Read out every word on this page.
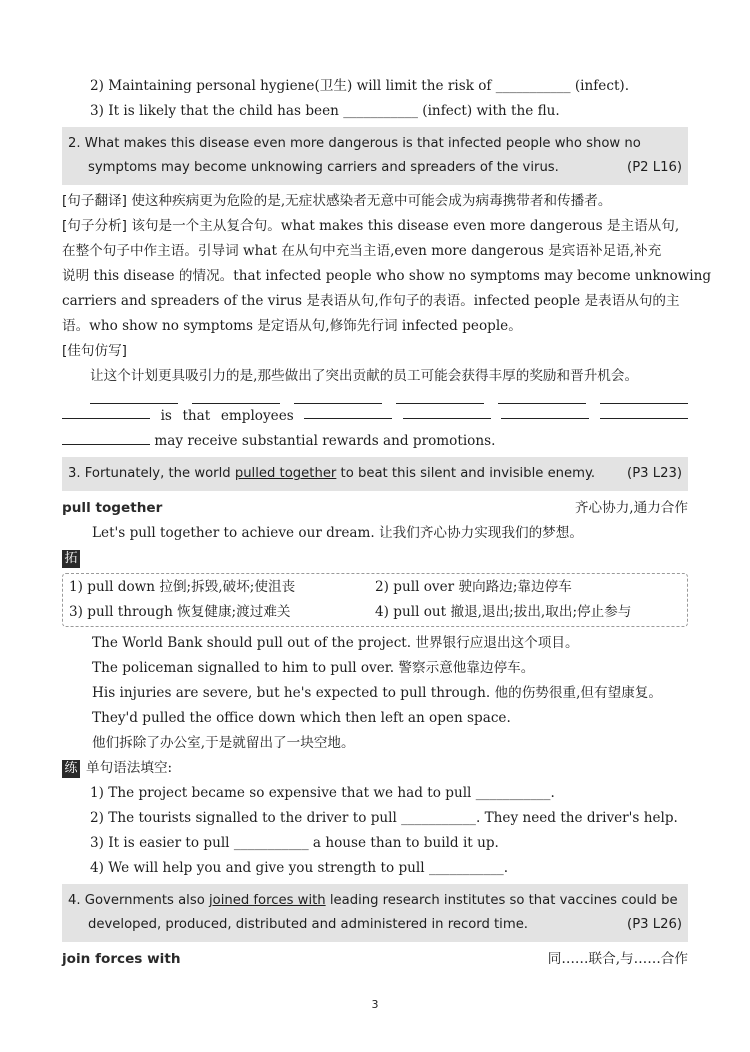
2) Maintaining personal hygiene(卫生) will limit the risk of ___________ (infect).
3) It is likely that the child has been ___________ (infect) with the flu.
2. What makes this disease even more dangerous is that infected people who show no
symptoms may become unknowing carriers and spreaders of the virus.	(P2 L16)
[句子翻译] 使这种疾病更为危险的是,无症状感染者无意中可能会成为病毒携带者和传播者。
[句子分析] 该句是一个主从复合句。what makes this disease even more dangerous 是主语从句,
在整个句子中作主语。引导词 what 在从句中充当主语,even more dangerous 是宾语补足语,补充
说明 this disease 的情况。that infected people who show no symptoms may become unknowing
carriers and spreaders of the virus 是表语从句,作句子的表语。infected people 是表语从句的主
语。who show no symptoms 是定语从句,修饰先行词 infected people。
[佳句仿写]
让这个计划更具吸引力的是,那些做出了突出贡献的员工可能会获得丰厚的奖励和晋升机会。
is that employees
may receive substantial rewards and promotions.
3. Fortunately, the world pulled together to beat this silent and invisible enemy. (P3 L23)
pull together	齐心协力,通力合作
Let's pull together to achieve our dream. 让我们齐心协力实现我们的梦想。
拓
1) pull down 拉倒;拆毁,破坏;使沮丧	2) pull over 驶向路边;靠边停车
3) pull through 恢复健康;渡过难关	4) pull out 撤退,退出;拔出,取出;停止参与
The World Bank should pull out of the project. 世界银行应退出这个项目。
The policeman signalled to him to pull over. 警察示意他靠边停车。
His injuries are severe, but he's expected to pull through. 他的伤势很重,但有望康复。
They'd pulled the office down which then left an open space.
他们拆除了办公室,于是就留出了一块空地。
练 单句语法填空:
1) The project became so expensive that we had to pull ___________.
2) The tourists signalled to the driver to pull ___________. They need the driver's help.
3) It is easier to pull ___________ a house than to build it up.
4) We will help you and give you strength to pull ___________.
4. Governments also joined forces with leading research institutes so that vaccines could be
developed, produced, distributed and administered in record time.	(P3 L26)
join forces with	同……联合,与……合作
3
